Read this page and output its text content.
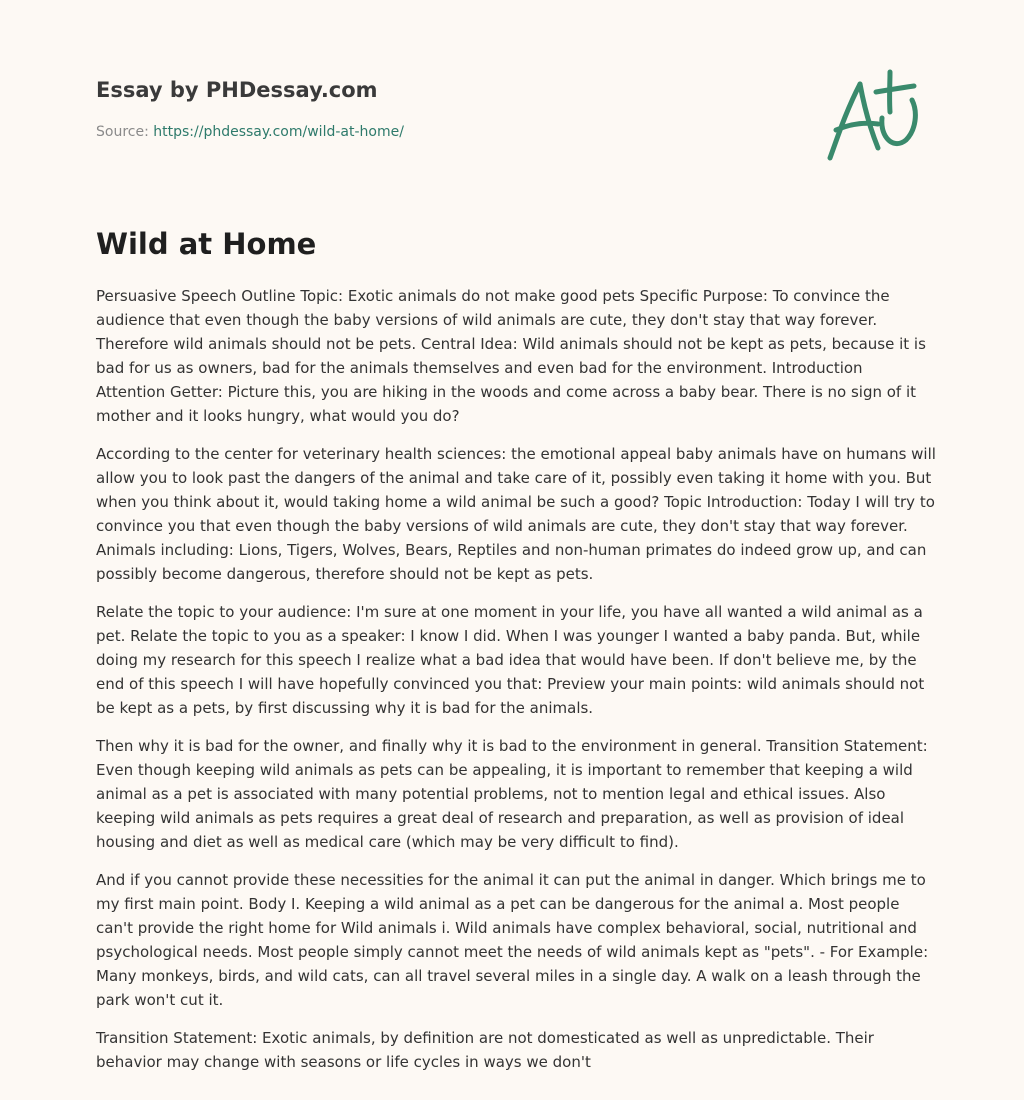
Essay by PHDessay.com
Source: https://phdessay.com/wild-at-home/
Wild at Home

Persuasive Speech Outline Topic: Exotic animals do not make good pets Specific Purpose: To convince the audience that even though the baby versions of wild animals are cute, they don't stay that way forever. Therefore wild animals should not be pets. Central Idea: Wild animals should not be kept as pets, because it is bad for us as owners, bad for the animals themselves and even bad for the environment. Introduction Attention Getter: Picture this, you are hiking in the woods and come across a baby bear. There is no sign of it mother and it looks hungry, what would you do?

According to the center for veterinary health sciences: the emotional appeal baby animals have on humans will allow you to look past the dangers of the animal and take care of it, possibly even taking it home with you. But when you think about it, would taking home a wild animal be such a good? Topic Introduction: Today I will try to convince you that even though the baby versions of wild animals are cute, they don't stay that way forever. Animals including: Lions, Tigers, Wolves, Bears, Reptiles and non-human primates do indeed grow up, and can possibly become dangerous, therefore should not be kept as pets.

Relate the topic to your audience: I'm sure at one moment in your life, you have all wanted a wild animal as a pet. Relate the topic to you as a speaker: I know I did. When I was younger I wanted a baby panda. But, while doing my research for this speech I realize what a bad idea that would have been. If don't believe me, by the end of this speech I will have hopefully convinced you that: Preview your main points: wild animals should not be kept as a pets, by first discussing why it is bad for the animals.

Then why it is bad for the owner, and finally why it is bad to the environment in general. Transition Statement: Even though keeping wild animals as pets can be appealing, it is important to remember that keeping a wild animal as a pet is associated with many potential problems, not to mention legal and ethical issues. Also keeping wild animals as pets requires a great deal of research and preparation, as well as provision of ideal housing and diet as well as medical care (which may be very difficult to find).

And if you cannot provide these necessities for the animal it can put the animal in danger. Which brings me to my first main point. Body I. Keeping a wild animal as a pet can be dangerous for the animal a. Most people can't provide the right home for Wild animals i. Wild animals have complex behavioral, social, nutritional and psychological needs. Most people simply cannot meet the needs of wild animals kept as "pets". - For Example: Many monkeys, birds, and wild cats, can all travel several miles in a single day. A walk on a leash through the park won't cut it.

Transition Statement: Exotic animals, by definition are not domesticated as well as unpredictable. Their behavior may change with seasons or life cycles in ways we don't
